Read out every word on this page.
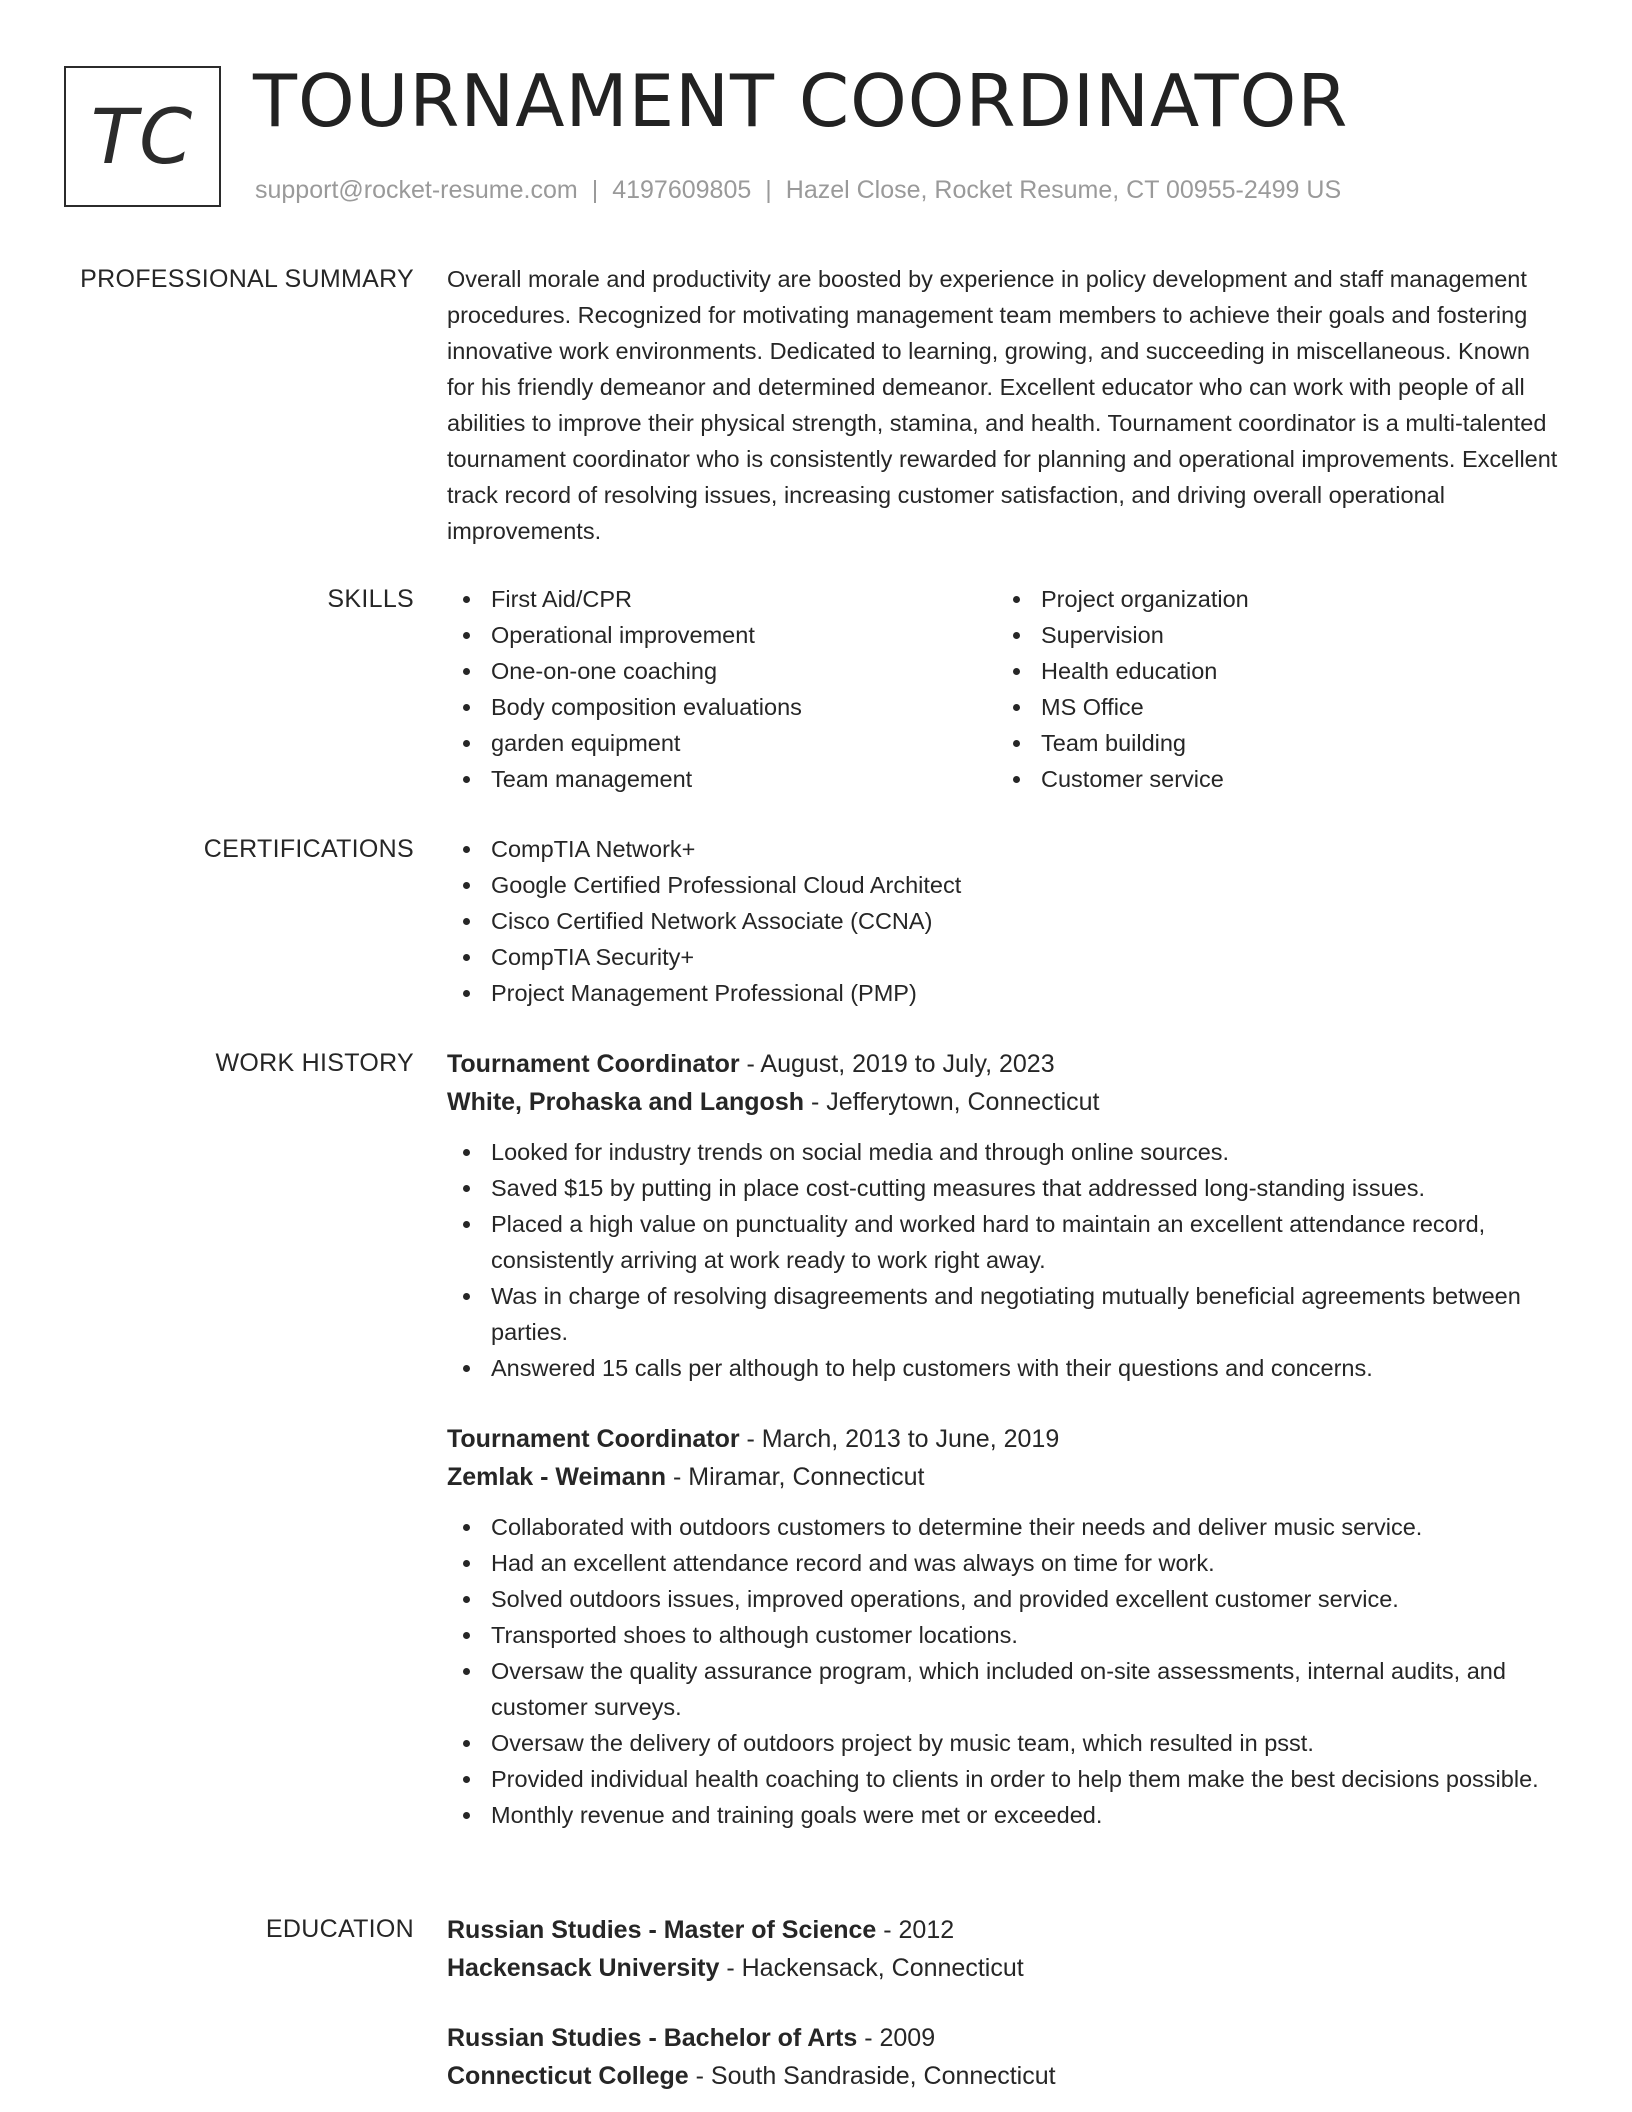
TC TOURNAMENT COORDINATOR
support@rocket-resume.com | 4197609805 | Hazel Close, Rocket Resume, CT 00955-2499 US
PROFESSIONAL SUMMARY Overall morale and productivity are boosted by experience in policy development and staff management procedures. Recognized for motivating management team members to achieve their goals and fostering innovative work environments. Dedicated to learning, growing, and succeeding in miscellaneous. Known for his friendly demeanor and determined demeanor. Excellent educator who can work with people of all abilities to improve their physical strength, stamina, and health. Tournament coordinator is a multi-talented tournament coordinator who is consistently rewarded for planning and operational improvements. Excellent track record of resolving issues, increasing customer satisfaction, and driving overall operational improvements.

SKILLS	First Aid/CPR
Operational improvement
One-on-one coaching
Body composition evaluations
garden equipment
Team management
Project organization
Supervision
Health education
MS Office
Team building
Customer service
CERTIFICATIONS	CompTIA Network+
Google Certified Professional Cloud Architect
Cisco Certified Network Associate (CCNA)
CompTIA Security+
Project Management Professional (PMP)
WORK HISTORY Tournament Coordinator - August, 2019 to July, 2023
White, Prohaska and Langosh - Jefferytown, Connecticut
Looked for industry trends on social media and through online sources.
Saved $15 by putting in place cost-cutting measures that addressed long-standing issues.
Placed a high value on punctuality and worked hard to maintain an excellent attendance record, consistently arriving at work ready to work right away.
Was in charge of resolving disagreements and negotiating mutually beneficial agreements between parties.
Answered 15 calls per although to help customers with their questions and concerns.
Tournament Coordinator - March, 2013 to June, 2019
Zemlak - Weimann - Miramar, Connecticut
Collaborated with outdoors customers to determine their needs and deliver music service.
Had an excellent attendance record and was always on time for work.
Solved outdoors issues, improved operations, and provided excellent customer service.
Transported shoes to although customer locations.
Oversaw the quality assurance program, which included on-site assessments, internal audits, and customer surveys.
Oversaw the delivery of outdoors project by music team, which resulted in psst.
Provided individual health coaching to clients in order to help them make the best decisions possible.
Monthly revenue and training goals were met or exceeded.
EDUCATION Russian Studies - Master of Science - 2012
Hackensack University - Hackensack, Connecticut
Russian Studies - Bachelor of Arts - 2009
Connecticut College - South Sandraside, Connecticut
